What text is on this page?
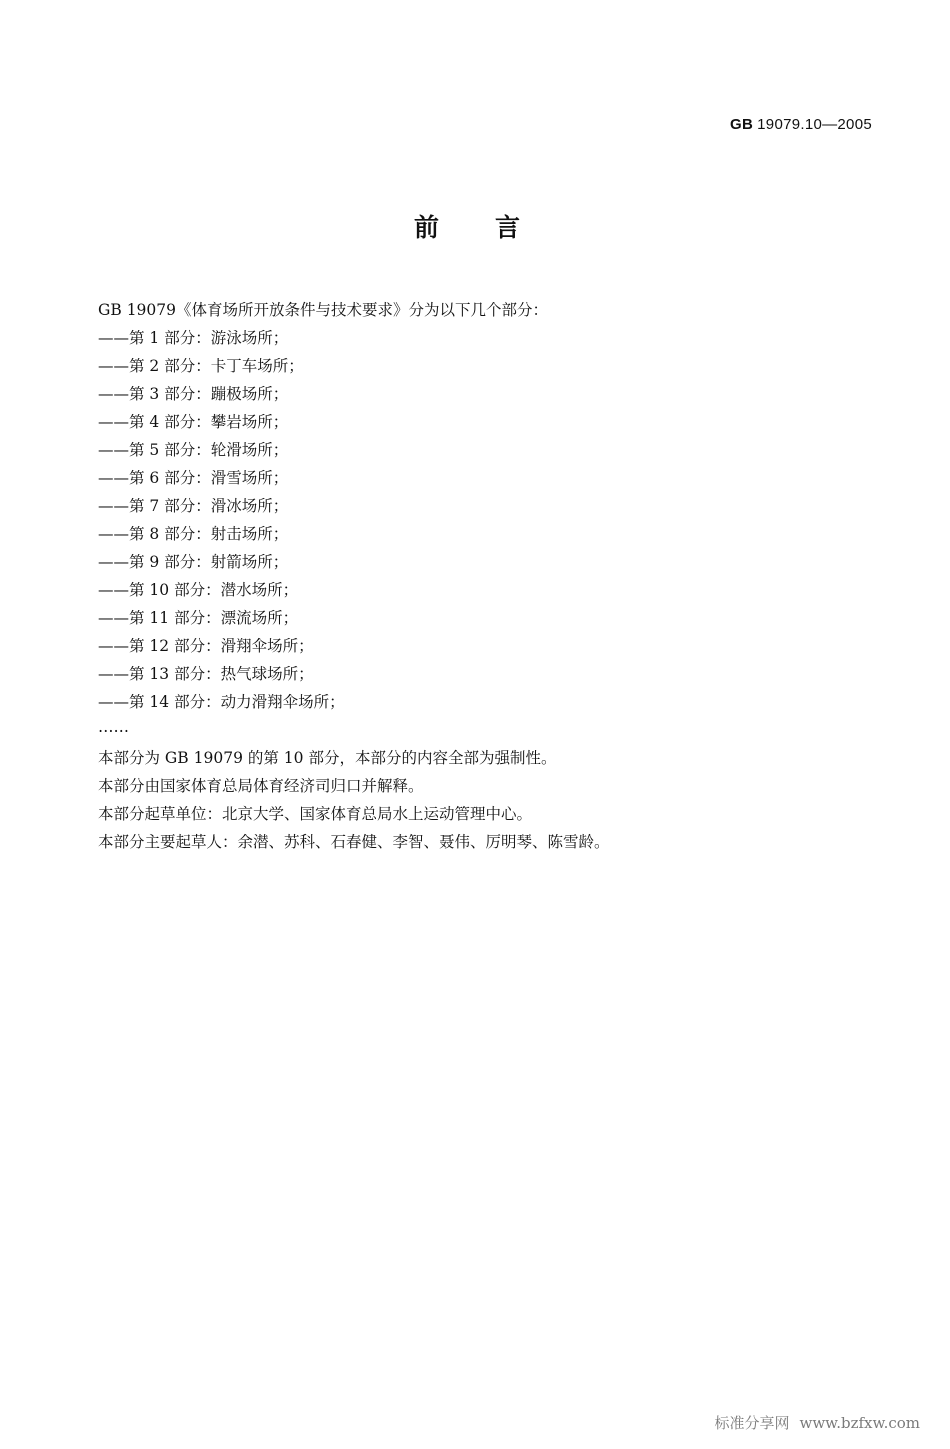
GB 19079.10—2005
前 言

GB 19079《体育场所开放条件与技术要求》分为以下几个部分：

——第 1 部分：游泳场所；

——第 2 部分：卡丁车场所；

——第 3 部分：蹦极场所；

——第 4 部分：攀岩场所；

——第 5 部分：轮滑场所；

——第 6 部分：滑雪场所；

——第 7 部分：滑冰场所；

——第 8 部分：射击场所；

——第 9 部分：射箭场所；

——第 10 部分：潜水场所；

——第 11 部分：漂流场所；

——第 12 部分：滑翔伞场所；

——第 13 部分：热气球场所；

——第 14 部分：动力滑翔伞场所；

……

本部分为 GB 19079 的第 10 部分，本部分的内容全部为强制性。

本部分由国家体育总局体育经济司归口并解释。

本部分起草单位：北京大学、国家体育总局水上运动管理中心。

本部分主要起草人：余潜、苏科、石春健、李智、聂伟、厉明琴、陈雪龄。

标准分享网 www.bzfxw.com
